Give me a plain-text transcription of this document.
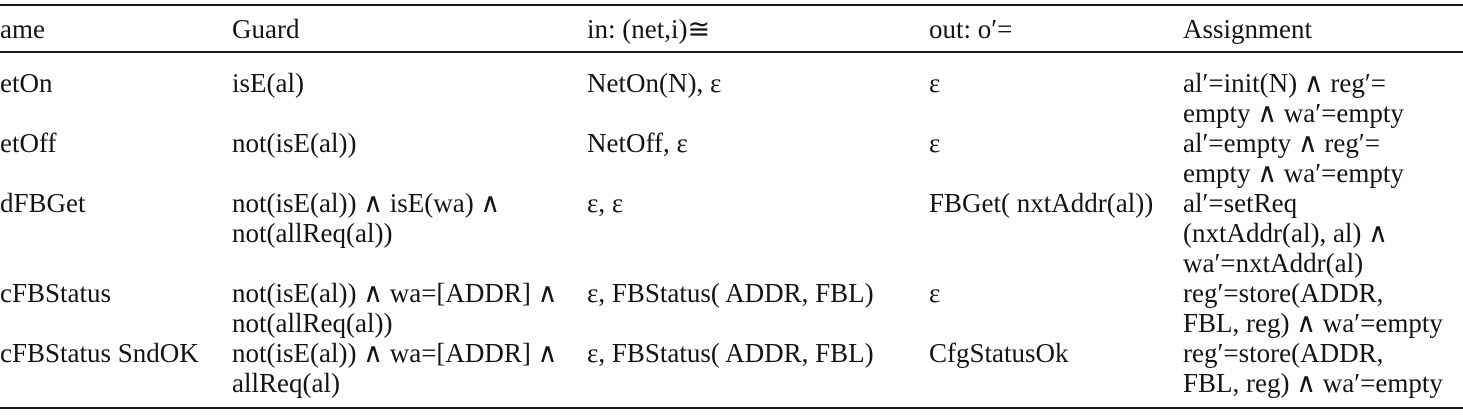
ame	Guard	in: (net,i)≅	out: o′=	Assignment

etOn	isE(al)	NetOn(N), ε	ε	al′=init(N) ∧ reg′=
empty ∧ wa′=empty

etOff	not(isE(al))	NetOff, ε	ε	al′=empty ∧ reg′=
empty ∧ wa′=empty

dFBGet	not(isE(al)) ∧ isE(wa) ∧
not(allReq(al))	ε, ε	FBGet( nxtAddr(al))	al′=setReq
(nxtAddr(al), al) ∧
wa′=nxtAddr(al)

cFBStatus	not(isE(al)) ∧ wa=[ADDR] ∧
not(allReq(al))	ε, FBStatus( ADDR, FBL)	ε	reg′=store(ADDR,
FBL, reg) ∧ wa′=empty

cFBStatus SndOK	not(isE(al)) ∧ wa=[ADDR] ∧
allReq(al)	ε, FBStatus( ADDR, FBL)	CfgStatusOk	reg′=store(ADDR,
FBL, reg) ∧ wa′=empty
